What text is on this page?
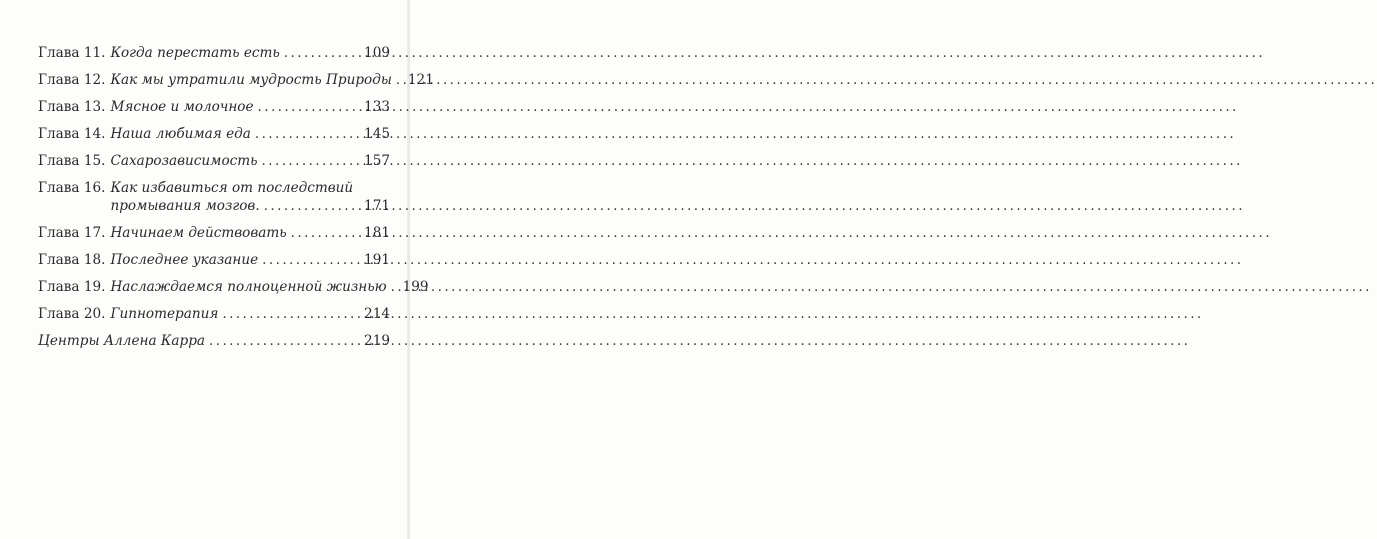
Глава 11. Когда перестать есть .....	109
Глава 12. Как мы утратили мудрость Природы ..... 121
Глава 13. Мясное и молочное .....	133
Глава 14. Наша любимая еда .....	145
Глава 15. Сахарозависимость .....	157
Глава 16. Как избавиться от последствий
промывания мозгов. .....	171
Глава 17. Начинаем действовать .....	181
Глава 18. Последнее указание .....	191
Глава 19. Наслаждаемся полноценной жизнью ..... 199
Глава 20. Гипнотерапия .....	214
Центры Аллена Карра .....	219
